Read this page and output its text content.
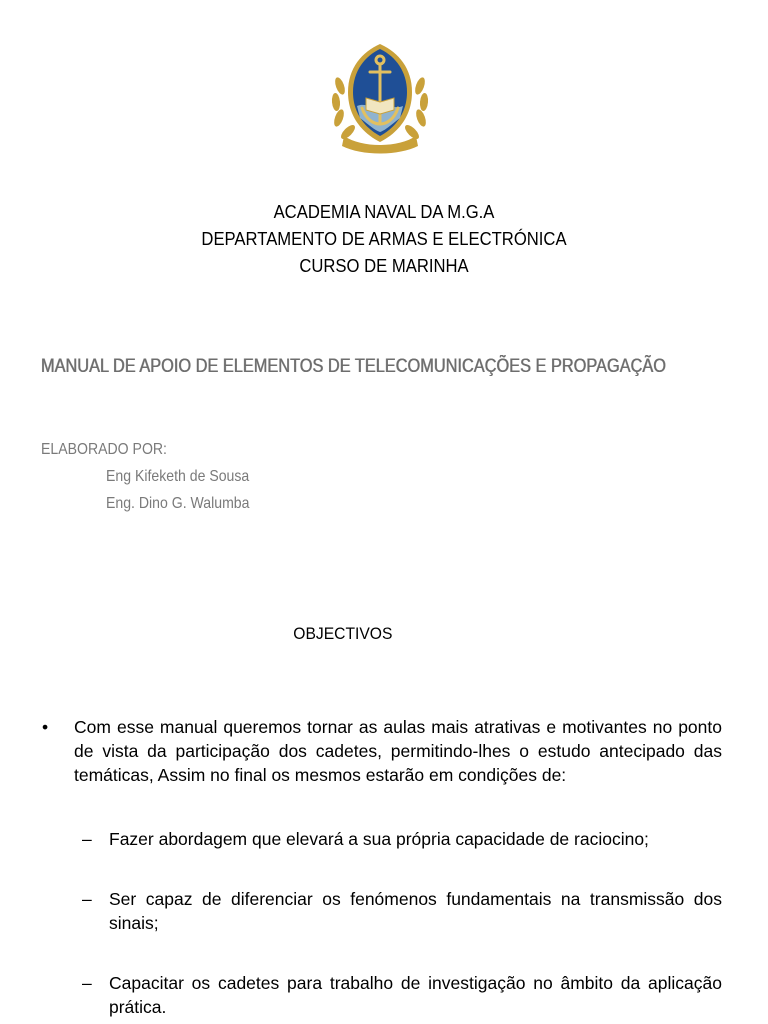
ACADEMIA NAVAL DA M.G.A
DEPARTAMENTO DE ARMAS E ELECTRÓNICA
CURSO DE MARINHA
MANUAL DE APOIO DE ELEMENTOS DE TELECOMUNICAÇÕES E PROPAGAÇÃO
ELABORADO POR:
Eng Kifeketh de Sousa
Eng. Dino G. Walumba
OBJECTIVOS
•	Com esse manual queremos tornar as aulas mais atrativas e motivantes no ponto de vista da participação dos cadetes, permitindo-lhes o estudo antecipado das temáticas, Assim no final os mesmos estarão em condições de:
– Fazer abordagem que elevará a sua própria capacidade de raciocino;
– Ser capaz de diferenciar os fenómenos fundamentais na transmissão dos sinais;
– Capacitar os cadetes para trabalho de investigação no âmbito da aplicação prática.
